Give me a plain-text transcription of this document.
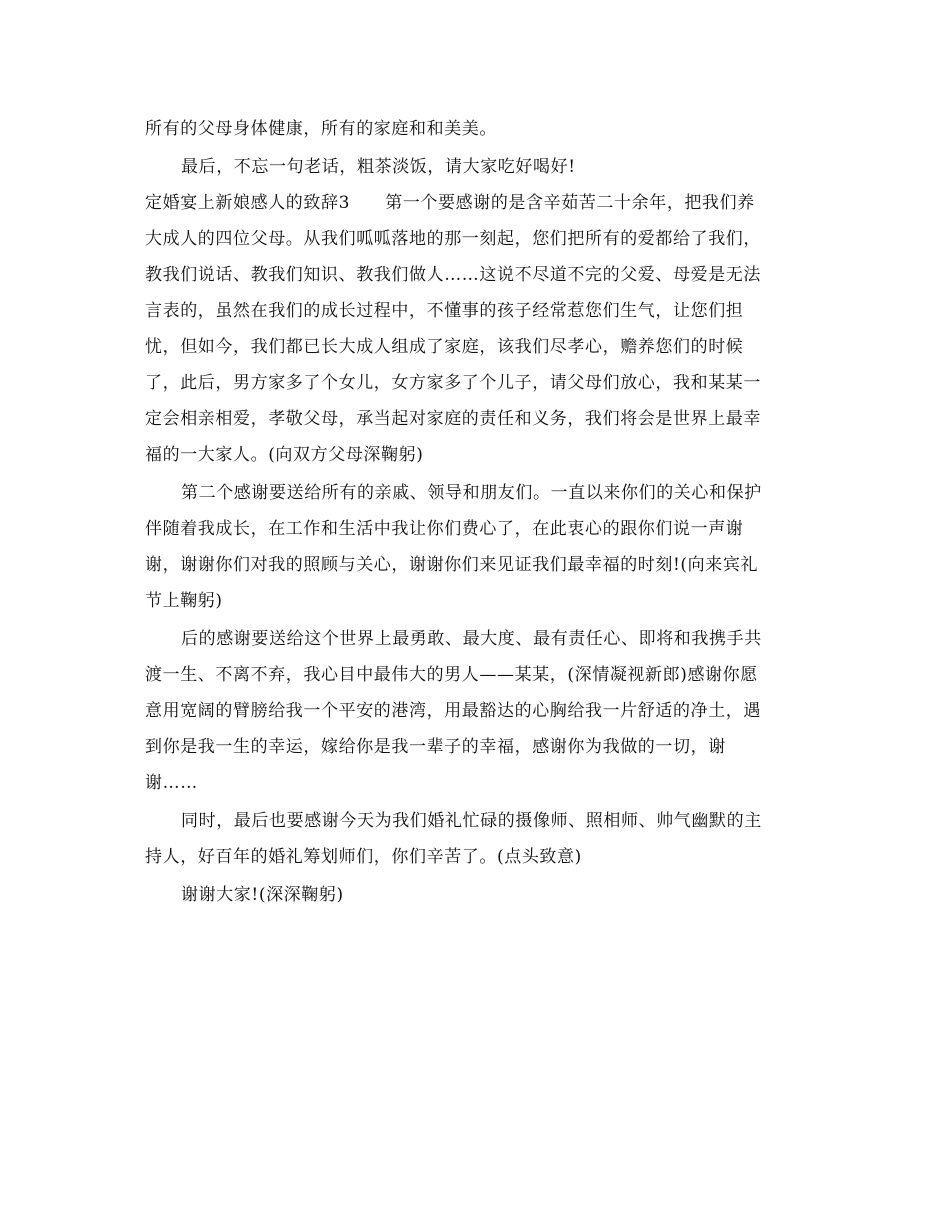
所有的父母身体健康，所有的家庭和和美美。
最后，不忘一句老话，粗茶淡饭，请大家吃好喝好!
定婚宴上新娘感人的致辞3　　第一个要感谢的是含辛茹苦二十余年，把我们养
大成人的四位父母。从我们呱呱落地的那一刻起，您们把所有的爱都给了我们，
教我们说话、教我们知识、教我们做人……这说不尽道不完的父爱、母爱是无法
言表的，虽然在我们的成长过程中，不懂事的孩子经常惹您们生气，让您们担
忧，但如今，我们都已长大成人组成了家庭，该我们尽孝心，赡养您们的时候
了，此后，男方家多了个女儿，女方家多了个儿子，请父母们放心，我和某某一
定会相亲相爱，孝敬父母，承当起对家庭的责任和义务，我们将会是世界上最幸
福的一大家人。(向双方父母深鞠躬)
第二个感谢要送给所有的亲戚、领导和朋友们。一直以来你们的关心和保护
伴随着我成长，在工作和生活中我让你们费心了，在此衷心的跟你们说一声谢
谢，谢谢你们对我的照顾与关心，谢谢你们来见证我们最幸福的时刻!(向来宾礼
节上鞠躬)
后的感谢要送给这个世界上最勇敢、最大度、最有责任心、即将和我携手共
渡一生、不离不弃，我心目中最伟大的男人——某某，(深情凝视新郎)感谢你愿
意用宽阔的臂膀给我一个平安的港湾，用最豁达的心胸给我一片舒适的净土，遇
到你是我一生的幸运，嫁给你是我一辈子的幸福，感谢你为我做的一切，谢
谢……
同时，最后也要感谢今天为我们婚礼忙碌的摄像师、照相师、帅气幽默的主
持人，好百年的婚礼筹划师们，你们辛苦了。(点头致意)
谢谢大家!(深深鞠躬)
